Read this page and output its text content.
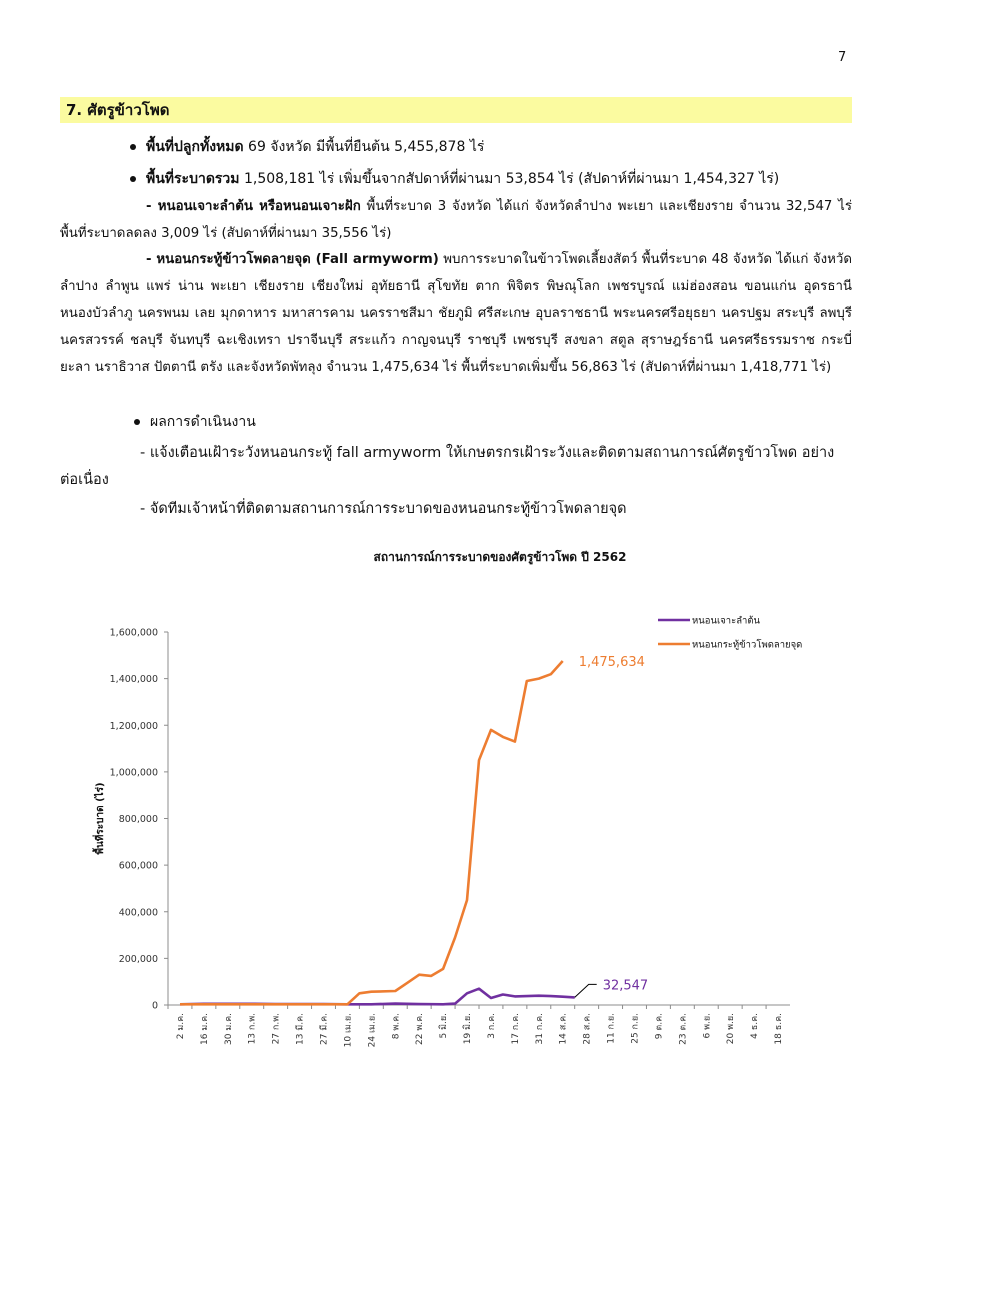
7
7. ศัตรูข้าวโพด
พื้นที่ปลูกทั้งหมด 69 จังหวัด มีพื้นที่ยืนต้น 5,455,878 ไร่
พื้นที่ระบาดรวม 1,508,181 ไร่ เพิ่มขึ้นจากสัปดาห์ที่ผ่านมา 53,854 ไร่ (สัปดาห์ที่ผ่านมา 1,454,327 ไร่)
- หนอนเจาะลำต้น หรือหนอนเจาะฝัก พื้นที่ระบาด 3 จังหวัด ได้แก่ จังหวัดลำปาง พะเยา และเชียงราย จำนวน 32,547 ไร่ พื้นที่ระบาดลดลง 3,009 ไร่ (สัปดาห์ที่ผ่านมา 35,556 ไร่)
- หนอนกระทู้ข้าวโพดลายจุด (Fall armyworm) พบการระบาดในข้าวโพดเลี้ยงสัตว์ พื้นที่ระบาด 48 จังหวัด ได้แก่ จังหวัดลำปาง ลำพูน แพร่ น่าน พะเยา เชียงราย เชียงใหม่ อุทัยธานี สุโขทัย ตาก พิจิตร พิษณุโลก เพชรบูรณ์ แม่ฮ่องสอน ขอนแก่น อุดรธานี หนองบัวลำภู นครพนม เลย มุกดาหาร มหาสารคาม นครราชสีมา ชัยภูมิ ศรีสะเกษ อุบลราชธานี พระนครศรีอยุธยา นครปฐม สระบุรี ลพบุรี นครสวรรค์ ชลบุรี จันทบุรี ฉะเชิงเทรา ปราจีนบุรี สระแก้ว กาญจนบุรี ราชบุรี เพชรบุรี สงขลา สตูล สุราษฎร์ธานี นครศรีธรรมราช กระบี่ ยะลา นราธิวาส ปัตตานี ตรัง และจังหวัดพัทลุง จำนวน 1,475,634 ไร่ พื้นที่ระบาดเพิ่มขึ้น 56,863 ไร่ (สัปดาห์ที่ผ่านมา 1,418,771 ไร่)
ผลการดำเนินงาน
- แจ้งเตือนเฝ้าระวังหนอนกระทู้ fall armyworm ให้เกษตรกรเฝ้าระวังและติดตามสถานการณ์ศัตรูข้าวโพด อย่างต่อเนื่อง
- จัดทีมเจ้าหน้าที่ติดตามสถานการณ์การระบาดของหนอนกระทู้ข้าวโพดลายจุด
สถานการณ์การระบาดของศัตรูข้าวโพด ปี 2562
0
200,000
400,000
600,000
800,000
1,000,000
1,200,000
1,400,000
1,600,000
พื้นที่ระบาด (ไร่)
2 ม.ค. 16 ม.ค. 30 ม.ค. 13 ก.พ. 27 ก.พ. 13 มี.ค. 27 มี.ค. 10 เม.ย. 24 เม.ย. 8 พ.ค. 22 พ.ค. 5 มิ.ย. 19 มิ.ย. 3 ก.ค. 17 ก.ค. 31 ก.ค. 14 ส.ค. 28 ส.ค. 11 ก.ย. 25 ก.ย. 9 ต.ค. 23 ต.ค. 6 พ.ย. 20 พ.ย. 4 ธ.ค. 18 ธ.ค.
32,547
1,475,634
หนอนเจาะลำต้น
หนอนกระทู้ข้าวโพดลายจุด
